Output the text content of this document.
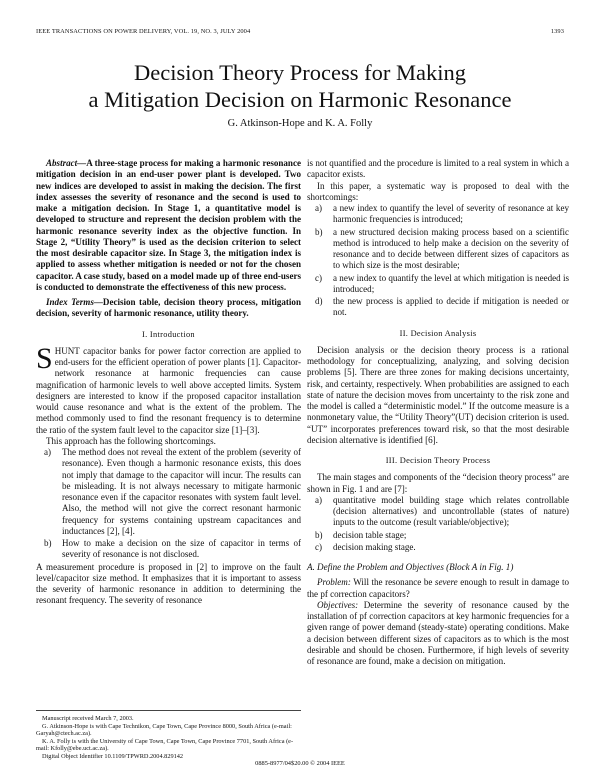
IEEE TRANSACTIONS ON POWER DELIVERY, VOL. 19, NO. 3, JULY 2004	1393
Decision Theory Process for Making
a Mitigation Decision on Harmonic Resonance
G. Atkinson-Hope and K. A. Folly

Abstract—A three-stage process for making a harmonic resonance mitigation decision in an end-user power plant is developed. Two new indices are developed to assist in making the decision. The first index assesses the severity of resonance and the second is used to make a mitigation decision. In Stage 1, a quantitative model is developed to structure and represent the decision problem with the harmonic resonance severity index as the objective function. In Stage 2, “Utility Theory” is used as the decision criterion to select the most desirable capacitor size. In Stage 3, the mitigation index is applied to assess whether mitigation is needed or not for the chosen capacitor. A case study, based on a model made up of three end-users is conducted to demonstrate the effectiveness of this new process.

Index Terms—Decision table, decision theory process, mitigation decision, severity of harmonic resonance, utility theory.

I. Introduction

SHUNT capacitor banks for power factor correction are applied to end-users for the efficient operation of power plants [1]. Capacitor-network resonance at harmonic frequencies can cause magnification of harmonic levels to well above accepted limits. System designers are interested to know if the proposed capacitor installation would cause resonance and what is the extent of the problem. The method commonly used to find the resonant frequency is to determine the ratio of the system fault level to the capacitor size [1]–[3].

This approach has the following shortcomings.

a) The method does not reveal the extent of the problem (severity of resonance). Even though a harmonic resonance exists, this does not imply that damage to the capacitor will incur. The results can be misleading. It is not always necessary to mitigate harmonic resonance even if the capacitor resonates with system fault level. Also, the method will not give the correct resonant harmonic frequency for systems containing upstream capacitances and inductances [2], [4].
b) How to make a decision on the size of capacitor in terms of severity of resonance is not disclosed.

A measurement procedure is proposed in [2] to improve on the fault level/capacitor size method. It emphasizes that it is important to assess the severity of harmonic resonance in addition to determining the resonant frequency. The severity of resonance

Manuscript received March 7, 2003.

G. Atkinson-Hope is with Cape Technikon, Cape Town, Cape Province 8000, South Africa (e-mail: Garyah@ctech.ac.za).

K. A. Folly is with the University of Cape Town, Cape Town, Cape Province 7701, South Africa (e-mail: Kfolly@ebe.uct.ac.za).

Digital Object Identifier 10.1109/TPWRD.2004.829142

is not quantified and the procedure is limited to a real system in which a capacitor exists.

In this paper, a systematic way is proposed to deal with the shortcomings:

a) a new index to quantify the level of severity of resonance at key harmonic frequencies is introduced;
b) a new structured decision making process based on a scientific method is introduced to help make a decision on the severity of resonance and to decide between different sizes of capacitors as to which size is the most desirable;
c) a new index to quantify the level at which mitigation is needed is introduced;
d) the new process is applied to decide if mitigation is needed or not.
II. Decision Analysis

Decision analysis or the decision theory process is a rational methodology for conceptualizing, analyzing, and solving decision problems [5]. There are three zones for making decisions uncertainty, risk, and certainty, respectively. When probabilities are assigned to each state of nature the decision moves from uncertainty to the risk zone and the model is called a “deterministic model.” If the outcome measure is a nonmonetary value, the “Utility Theory”(UT) decision criterion is used. “UT” incorporates preferences toward risk, so that the most desirable decision alternative is identified [6].

III. Decision Theory Process

The main stages and components of the “decision theory process” are shown in Fig. 1 and are [7]:

a) quantitative model building stage which relates controllable (decision alternatives) and uncontrollable (states of nature) inputs to the outcome (result variable/objective);
b) decision table stage;
c) decision making stage.
A. Define the Problem and Objectives (Block A in Fig. 1)

Problem: Will the resonance be severe enough to result in damage to the pf correction capacitors?

Objectives: Determine the severity of resonance caused by the installation of pf correction capacitors at key harmonic frequencies for a given range of power demand (steady-state) operating conditions. Make a decision between different sizes of capacitors as to which is the most desirable and should be chosen. Furthermore, if high levels of severity of resonance are found, make a decision on mitigation.

0885-8977/04$20.00 © 2004 IEEE
